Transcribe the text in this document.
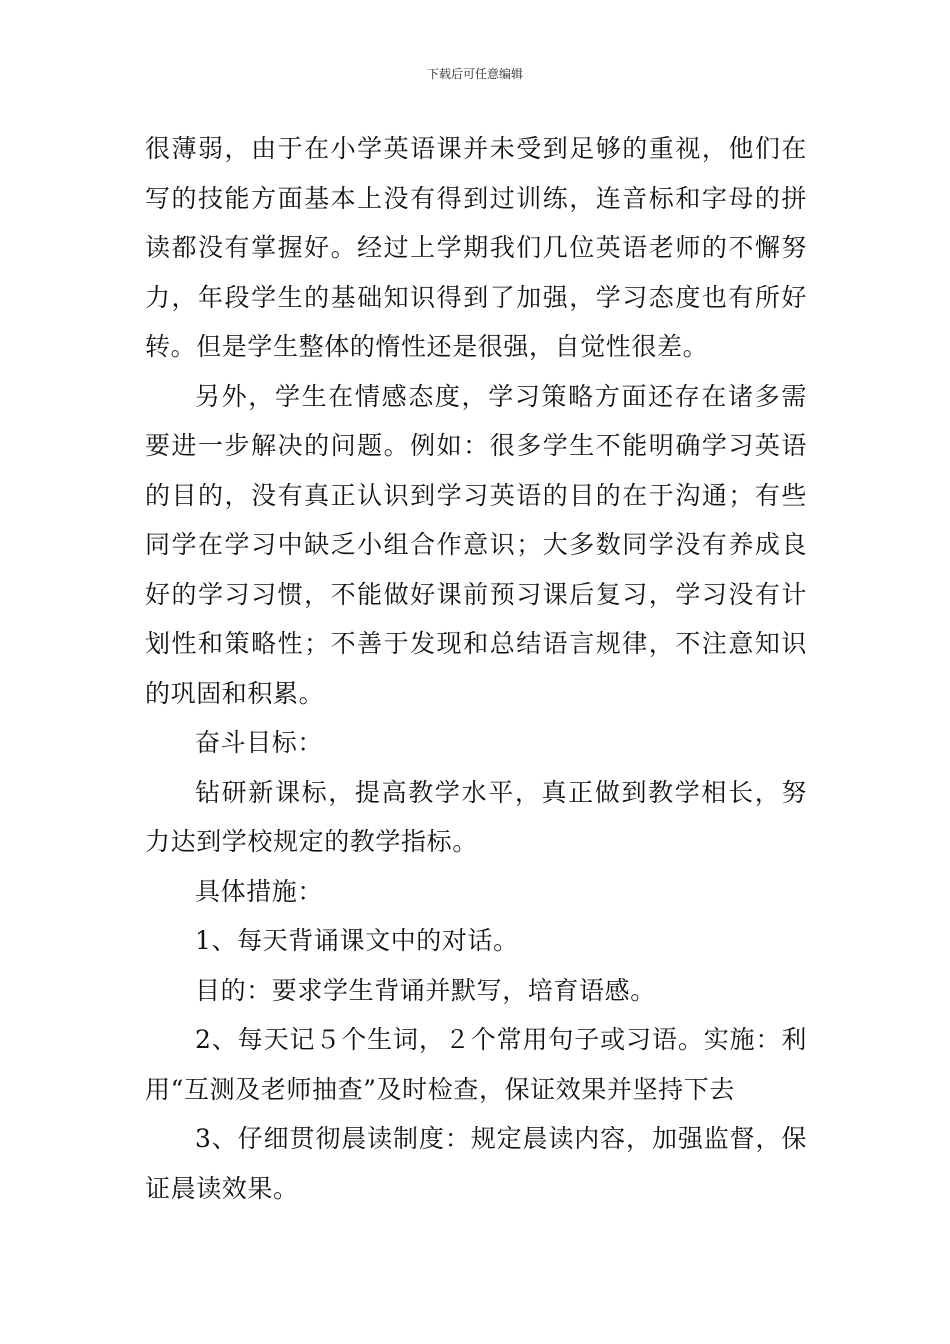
下载后可任意编辑

很薄弱，由于在小学英语课并未受到足够的重视，他们在写的技能方面基本上没有得到过训练，连音标和字母的拼读都没有掌握好。经过上学期我们几位英语老师的不懈努力，年段学生的基础知识得到了加强，学习态度也有所好转。但是学生整体的惰性还是很强，自觉性很差。

另外，学生在情感态度，学习策略方面还存在诸多需要进一步解决的问题。例如：很多学生不能明确学习英语的目的，没有真正认识到学习英语的目的在于沟通；有些同学在学习中缺乏小组合作意识；大多数同学没有养成良好的学习习惯，不能做好课前预习课后复习，学习没有计划性和策略性；不善于发现和总结语言规律，不注意知识的巩固和积累。

奋斗目标：

钻研新课标，提高教学水平，真正做到教学相长，努力达到学校规定的教学指标。

具体措施：

1、每天背诵课文中的对话。

目的：要求学生背诵并默写，培育语感。

2、每天记５个生词，２个常用句子或习语。实施：利用“互测及老师抽查”及时检查，保证效果并坚持下去

3、仔细贯彻晨读制度：规定晨读内容，加强监督，保证晨读效果。
